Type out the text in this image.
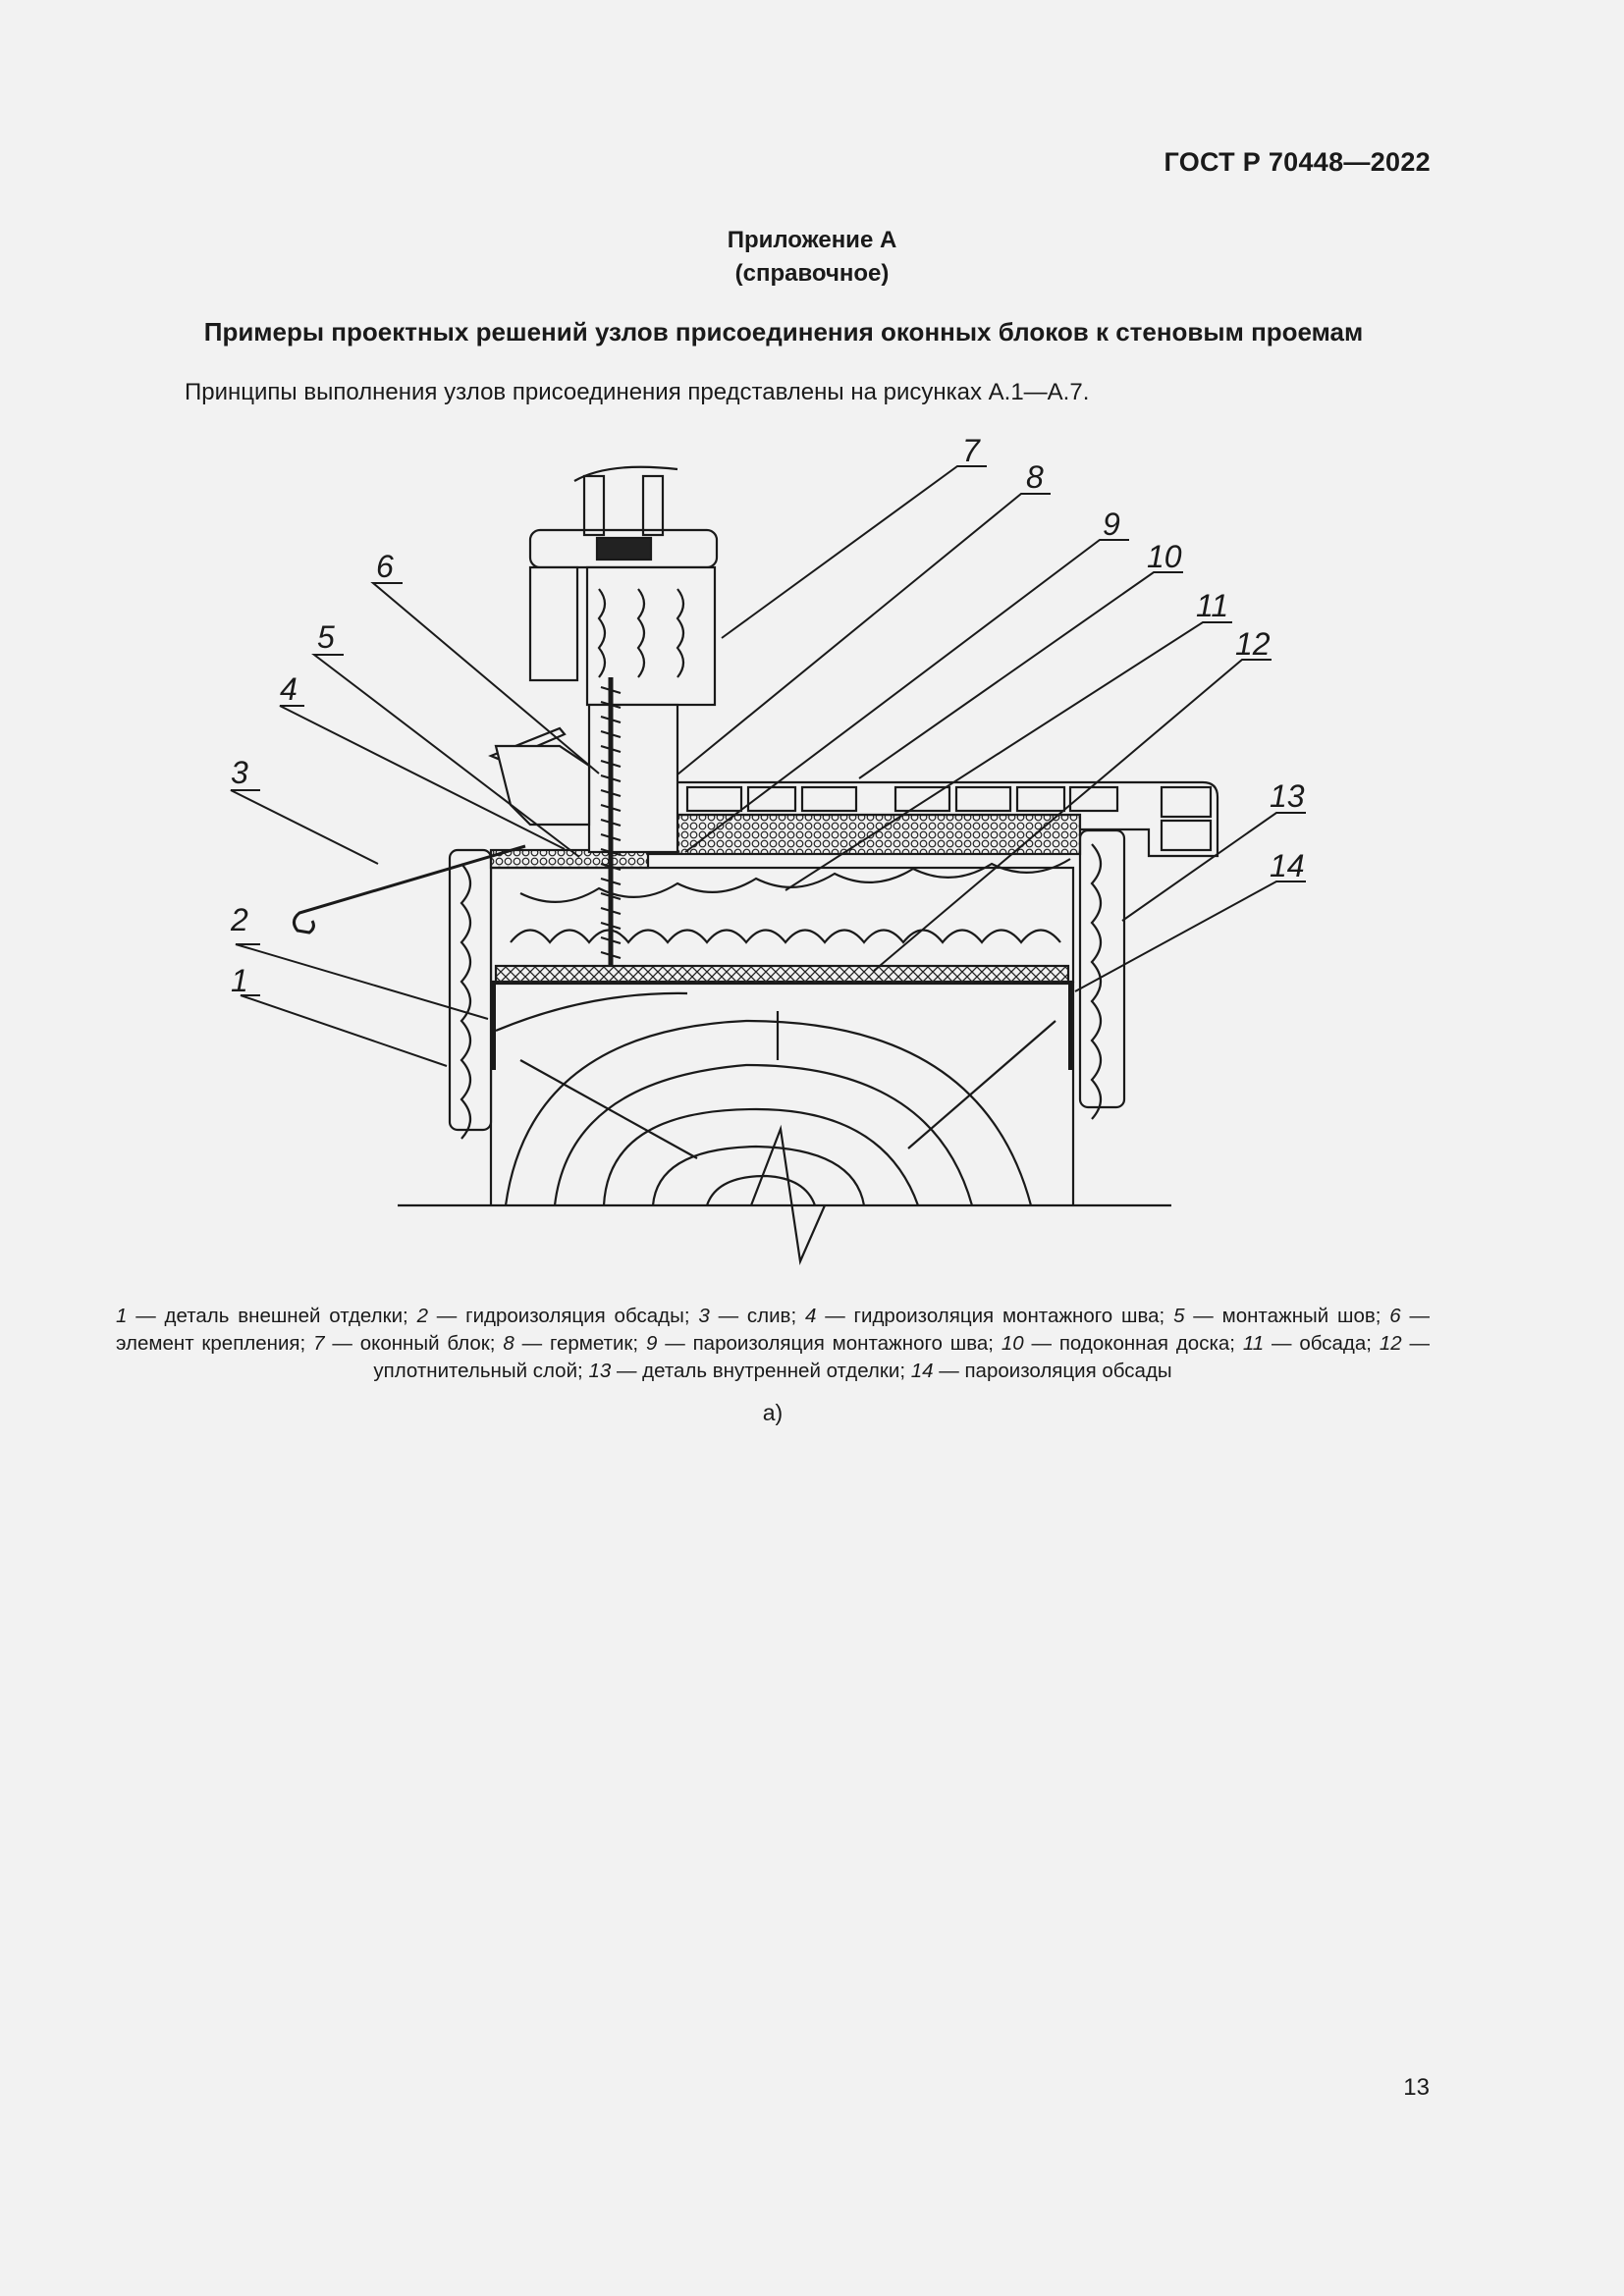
ГОСТ Р 70448—2022
Приложение А
(справочное)
Примеры проектных решений узлов присоединения оконных блоков к стеновым проемам
Принципы выполнения узлов присоединения представлены на рисунках А.1—А.7.
1
2
3
4
5
6
7
8
9
10
11
12
13
14
1 — деталь внешней отделки; 2 — гидроизоляция обсады; 3 — слив; 4 — гидроизоляция монтажного шва; 5 — монтажный шов; 6 — элемент крепления; 7 — оконный блок; 8 — герметик; 9 — пароизоляция монтажного шва; 10 — подоконная доска; 11 — обсада; 12 — уплотнительный слой; 13 — деталь внутренней отделки; 14 — пароизоляция обсады
а)
13
